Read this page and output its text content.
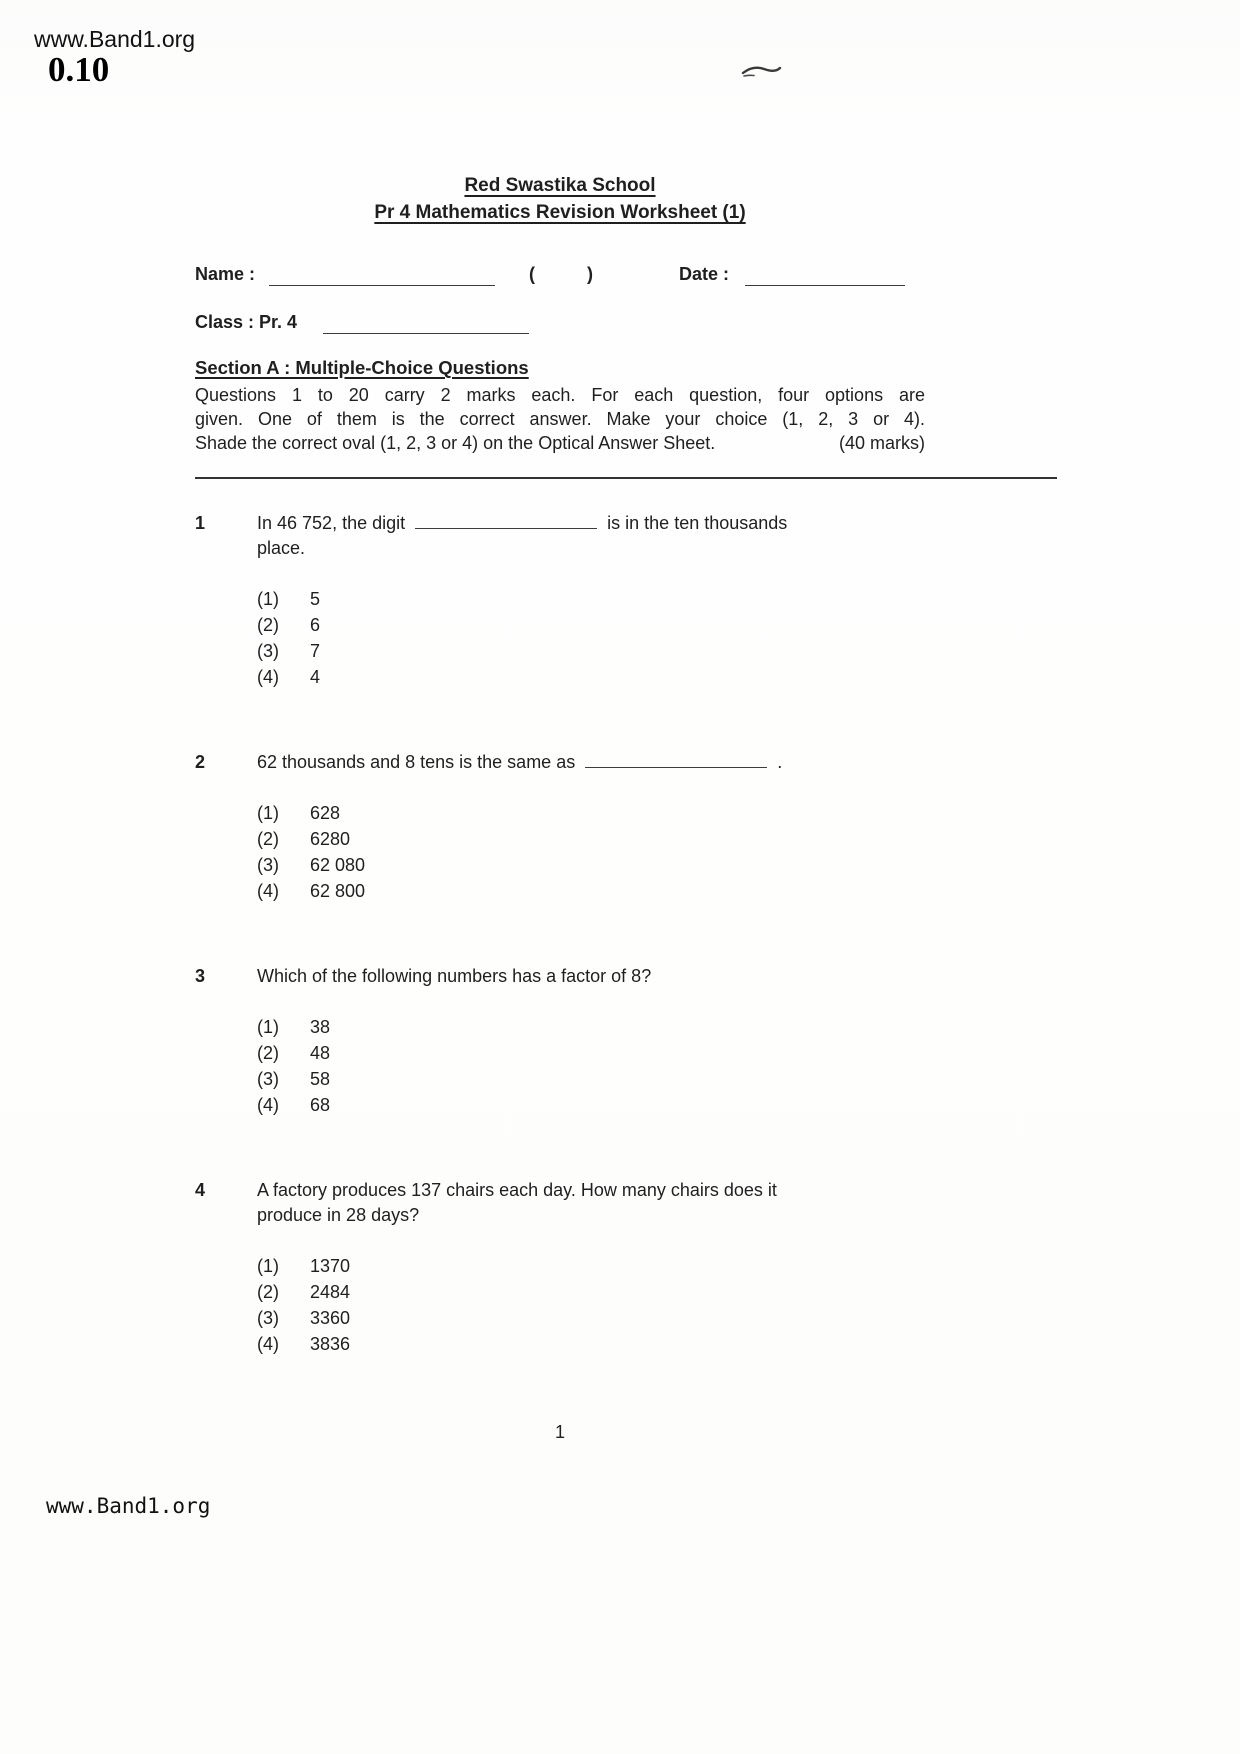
www.Band1.org
0.10
Red Swastika School
Pr 4 Mathematics Revision Worksheet (1)
Name :	(	)	Date :
Class : Pr. 4
Section A : Multiple-Choice Questions
Questions 1 to 20 carry 2 marks each. For each question, four options are
given. One of them is the correct answer. Make your choice (1, 2, 3 or 4).
Shade the correct oval (1, 2, 3 or 4) on the Optical Answer Sheet.	(40 marks)
1	In 46 752, the digit	is in the ten thousands
place.
(1) 5
(2) 6
(3) 7
(4) 4
2	62 thousands and 8 tens is the same as	.
(1) 628
(2) 6280
(3) 62 080
(4) 62 800
3	Which of the following numbers has a factor of 8?
(1) 38
(2) 48
(3) 58
(4) 68
4	A factory produces 137 chairs each day. How many chairs does it
produce in 28 days?
(1) 1370
(2) 2484
(3) 3360
(4) 3836
1
www.Band1.org
